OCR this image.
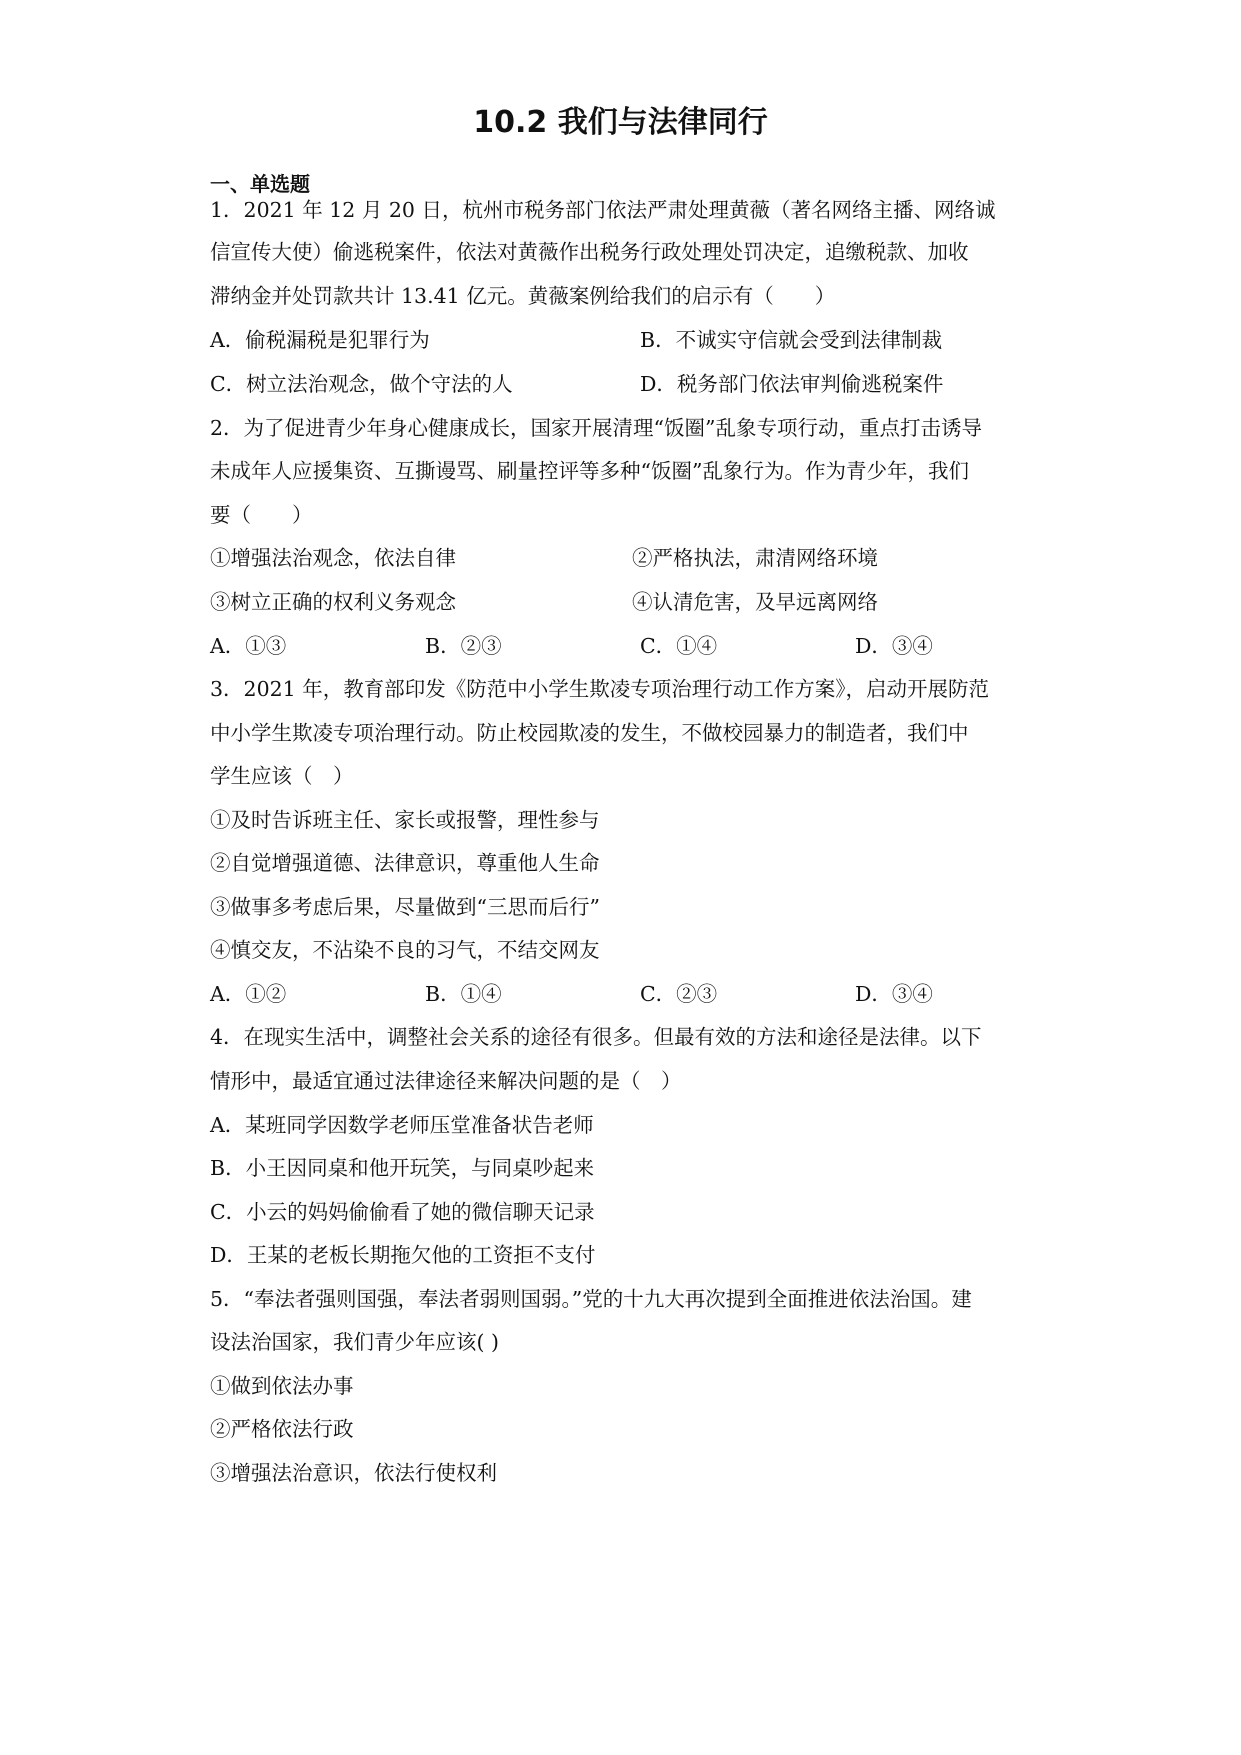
10.2 我们与法律同行
一、单选题
1．2021 年 12 月 20 日，杭州市税务部门依法严肃处理黄薇（著名网络主播、网络诚
信宣传大使）偷逃税案件，依法对黄薇作出税务行政处理处罚决定，追缴税款、加收
滞纳金并处罚款共计 13.41 亿元。黄薇案例给我们的启示有（　　）
A．偷税漏税是犯罪行为	B．不诚实守信就会受到法律制裁
C．树立法治观念，做个守法的人	D．税务部门依法审判偷逃税案件
2．为了促进青少年身心健康成长，国家开展清理“饭圈”乱象专项行动，重点打击诱导
未成年人应援集资、互撕谩骂、刷量控评等多种“饭圈”乱象行为。作为青少年，我们
要（　　）
①增强法治观念，依法自律	②严格执法，肃清网络环境
③树立正确的权利义务观念	④认清危害，及早远离网络
A．①③	B．②③	C．①④	D．③④
3．2021 年，教育部印发《防范中小学生欺凌专项治理行动工作方案》，启动开展防范
中小学生欺凌专项治理行动。防止校园欺凌的发生，不做校园暴力的制造者，我们中
学生应该（　）
①及时告诉班主任、家长或报警，理性参与
②自觉增强道德、法律意识，尊重他人生命
③做事多考虑后果，尽量做到“三思而后行”
④慎交友，不沾染不良的习气，不结交网友
A．①②	B．①④	C．②③	D．③④
4．在现实生活中，调整社会关系的途径有很多。但最有效的方法和途径是法律。以下
情形中，最适宜通过法律途径来解决问题的是（　）
A．某班同学因数学老师压堂准备状告老师
B．小王因同桌和他开玩笑，与同桌吵起来
C．小云的妈妈偷偷看了她的微信聊天记录
D．王某的老板长期拖欠他的工资拒不支付
5．“奉法者强则国强，奉法者弱则国弱。”党的十九大再次提到全面推进依法治国。建
设法治国家，我们青少年应该( )
①做到依法办事
②严格依法行政
③增强法治意识，依法行使权利
